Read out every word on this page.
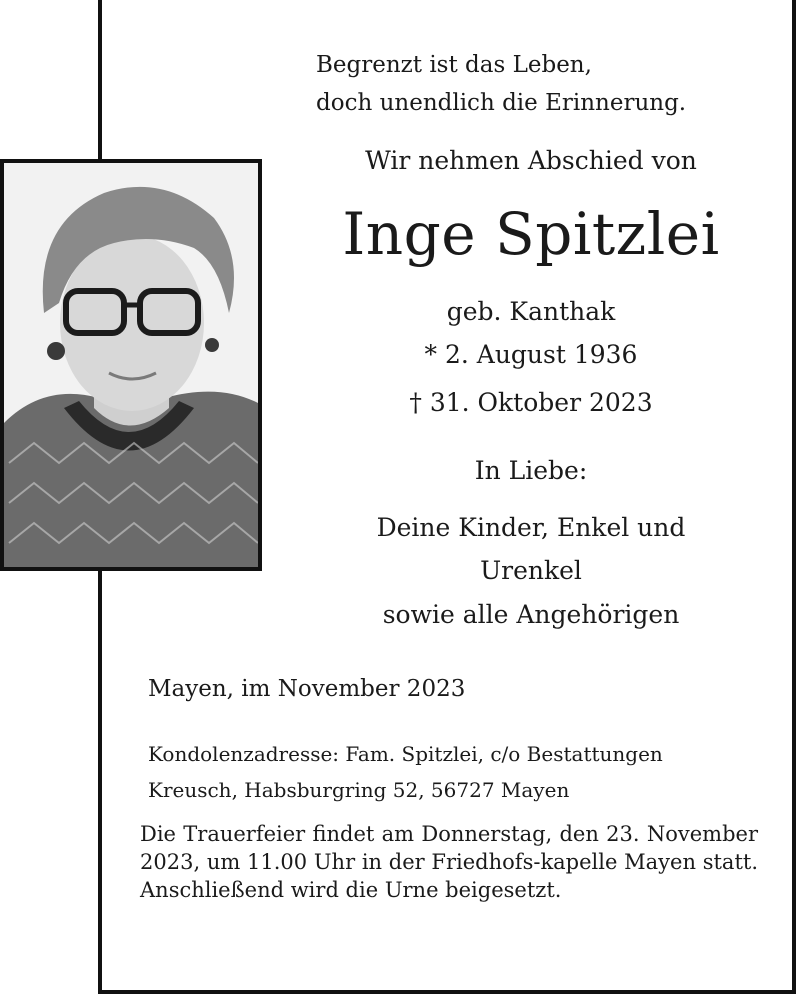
Begrenzt ist das Leben,
doch unendlich die Erinnerung.
Wir nehmen Abschied von
Inge Spitzlei
geb. Kanthak
* 2. August 1936
† 31. Oktober 2023
In Liebe:
Deine Kinder, Enkel und
Urenkel
sowie alle Angehörigen
Mayen, im November 2023
Kondolenzadresse: Fam. Spitzlei, c/o Bestattungen
Kreusch, Habsburgring 52, 56727 Mayen
Die Trauerfeier findet am Donnerstag, den 23. November 2023, um 11.00 Uhr in der Friedhofs-kapelle Mayen statt. Anschließend wird die Urne beigesetzt.
